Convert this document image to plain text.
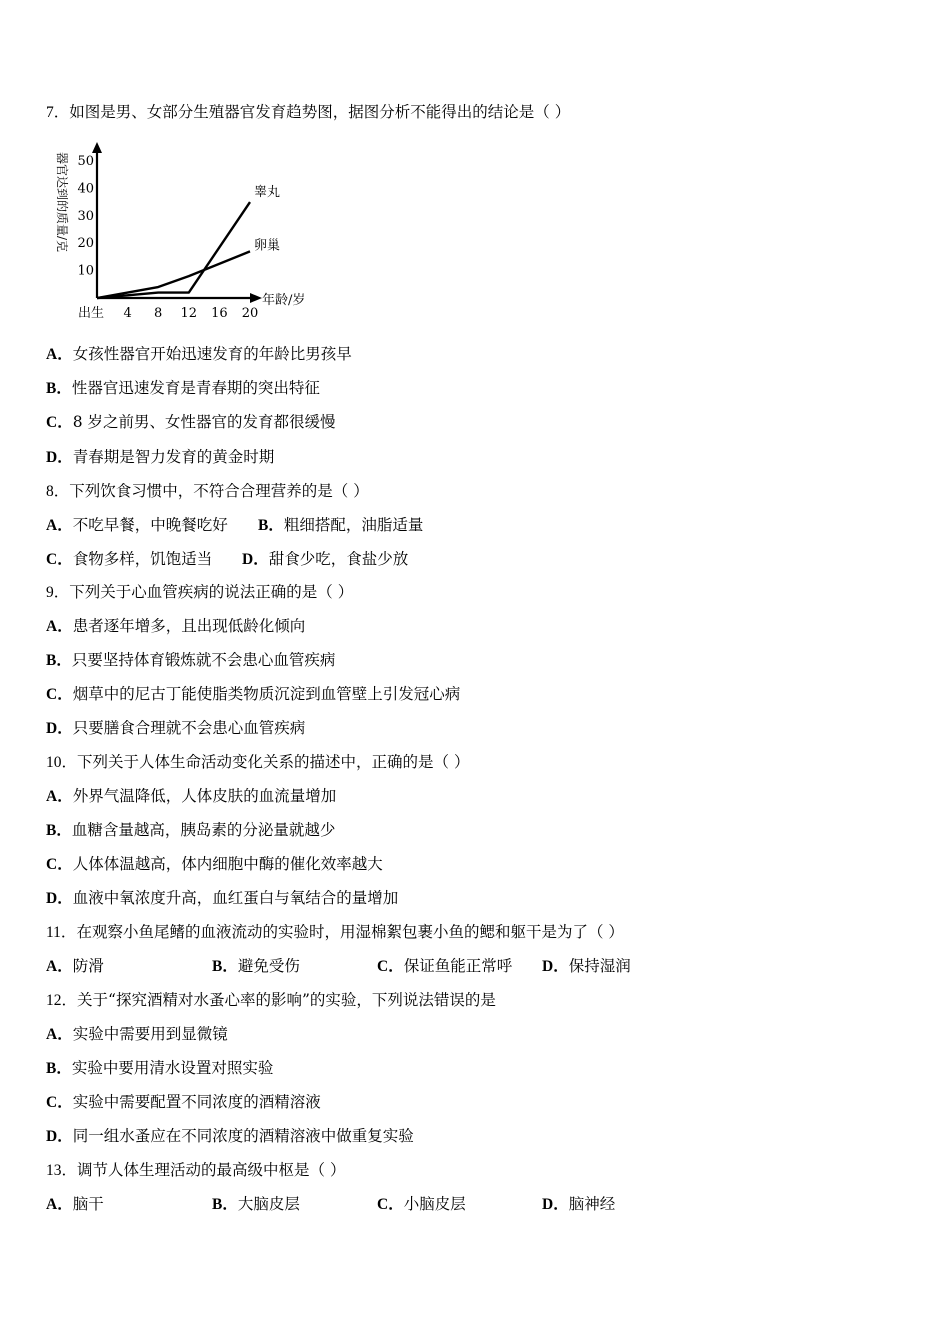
7．如图是男、女部分生殖器官发育趋势图，据图分析不能得出的结论是（ ）
10
20
30
40
50
出生 4 8 12 16 20
睾丸
卵巢
器官达到的质量/克
年龄/岁
A．女孩性器官开始迅速发育的年龄比男孩早
B．性器官迅速发育是青春期的突出特征
C．8 岁之前男、女性器官的发育都很缓慢
D．青春期是智力发育的黄金时期
8．下列饮食习惯中，不符合合理营养的是（ ）
A．不吃早餐，中晚餐吃好 B．粗细搭配，油脂适量
C．食物多样，饥饱适当 D．甜食少吃，食盐少放
9．下列关于心血管疾病的说法正确的是（ ）
A．患者逐年增多，且出现低龄化倾向
B．只要坚持体育锻炼就不会患心血管疾病
C．烟草中的尼古丁能使脂类物质沉淀到血管壁上引发冠心病
D．只要膳食合理就不会患心血管疾病
10．下列关于人体生命活动变化关系的描述中，正确的是（ ）
A．外界气温降低，人体皮肤的血流量增加
B．血糖含量越高，胰岛素的分泌量就越少
C．人体体温越高，体内细胞中酶的催化效率越大
D．血液中氧浓度升高，血红蛋白与氧结合的量增加
11．在观察小鱼尾鳍的血液流动的实验时，用湿棉絮包裹小鱼的鳃和躯干是为了（ ）
A．防滑	B．避免受伤	C．保证鱼能正常呼 D．保持湿润
12．关于“探究酒精对水蚤心率的影响”的实验，下列说法错误的是
A．实验中需要用到显微镜
B．实验中要用清水设置对照实验
C．实验中需要配置不同浓度的酒精溶液
D．同一组水蚤应在不同浓度的酒精溶液中做重复实验
13．调节人体生理活动的最高级中枢是（ ）
A．脑干	B．大脑皮层	C．小脑皮层	D．脑神经
